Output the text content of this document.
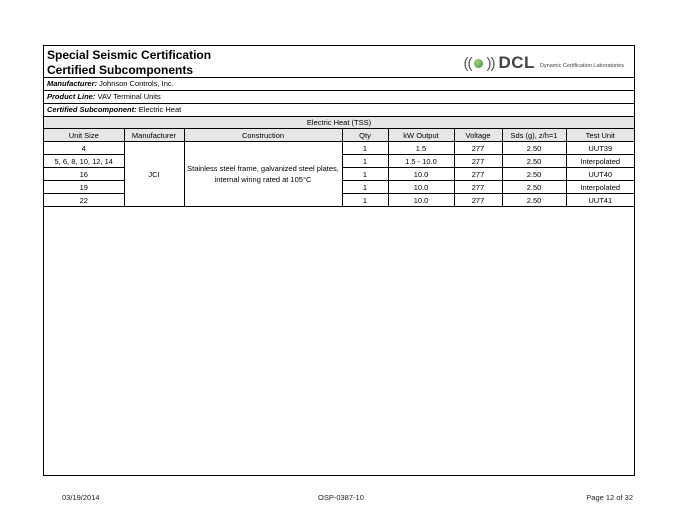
Special Seismic Certification
Certified Subcomponents	(( )) DCL Dynamic Certification Laboratories
Manufacturer: Johnson Controls, Inc.
Product Line: VAV Terminal Units
Certified Subcomponent: Electric Heat
Electric Heat (TSS)
Unit Size	Manufacturer	Construction	Qty	kW Output	Voltage	Sds (g), z/h=1	Test Unit
4	JCI	Stainless steel frame, galvanized steel plates,
internal wiring rated at 105°C	1	1.5	277	2.50	UUT39
5, 6, 8, 10, 12, 14			1	1.5 - 10.0	277	2.50	Interpolated
16			1	10.0	277	2.50	UUT40
19			1	10.0	277	2.50	Interpolated
22			1	10.0	277	2.50	UUT41
03/19/2014	OSP-0387-10	Page 12 of 32
